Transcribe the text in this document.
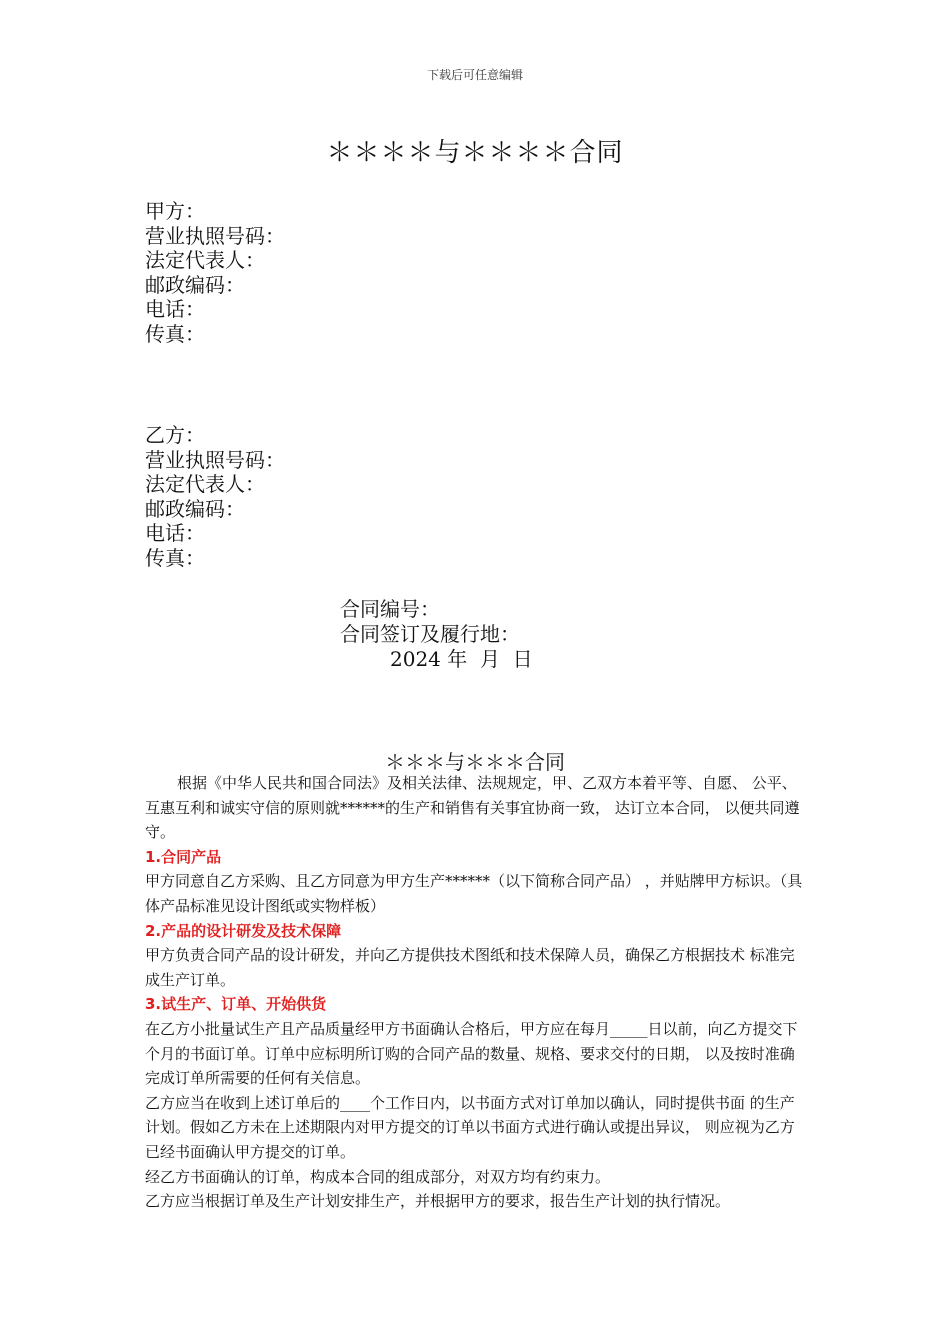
下载后可任意编辑
＊＊＊＊与＊＊＊＊合同
甲方：
营业执照号码：
法定代表人：
邮政编码：
电话：
传真：
乙方：
营业执照号码：
法定代表人：
邮政编码：
电话：
传真：
合同编号：
合同签订及履行地：
2024 年  月  日
＊＊＊与＊＊＊合同

根据《中华人民共和国合同法》及相关法律、法规规定，甲、乙双方本着平等、自愿、 公平、 互惠互利和诚实守信的原则就******的生产和销售有关事宜协商一致， 达订立本合同， 以便共同遵守。

1.合同产品

甲方同意自乙方采购、且乙方同意为甲方生产******（以下简称合同产品） ，并贴牌甲方标识。（具体产品标准见设计图纸或实物样板）

2.产品的设计研发及技术保障

甲方负责合同产品的设计研发，并向乙方提供技术图纸和技术保障人员，确保乙方根据技术 标准完成生产订单。

3.试生产、订单、开始供货

在乙方小批量试生产且产品质量经甲方书面确认合格后，甲方应在每月_____日以前，向乙方提交下个月的书面订单。订单中应标明所订购的合同产品的数量、规格、要求交付的日期， 以及按时准确完成订单所需要的任何有关信息。

乙方应当在收到上述订单后的____个工作日内，以书面方式对订单加以确认，同时提供书面 的生产计划。假如乙方未在上述期限内对甲方提交的订单以书面方式进行确认或提出异议， 则应视为乙方已经书面确认甲方提交的订单。

经乙方书面确认的订单，构成本合同的组成部分，对双方均有约束力。

乙方应当根据订单及生产计划安排生产，并根据甲方的要求，报告生产计划的执行情况。
